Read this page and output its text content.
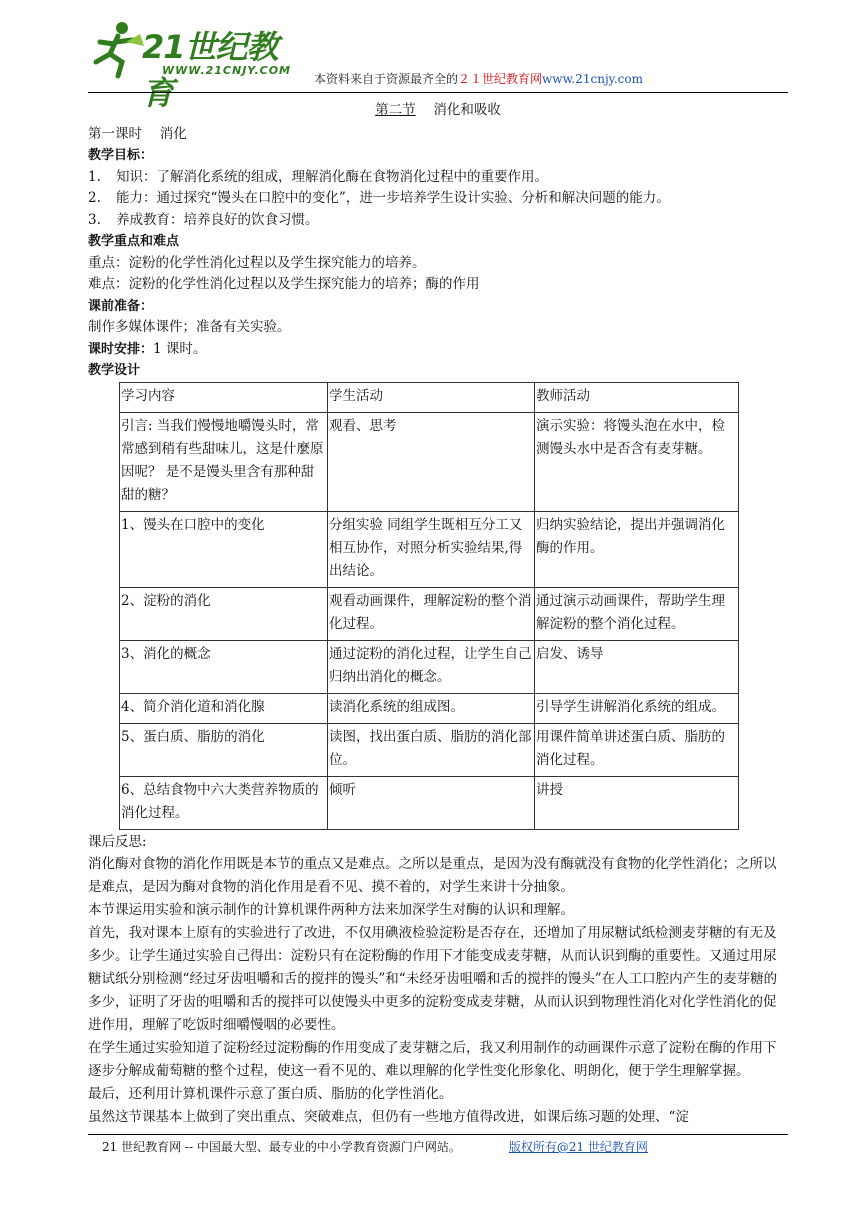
21世纪教育
WWW.21CNJY.COM
本资料来自于资源最齐全的２１世纪教育网www.21cnjy.com
第二节　 消化和吸收
第一课时　 消化
教学目标：
1.	知识：了解消化系统的组成，理解消化酶在食物消化过程中的重要作用。
2.	能力：通过探究“馒头在口腔中的变化”，进一步培养学生设计实验、分析和解决问题的能力。
3.	养成教育：培养良好的饮食习惯。
教学重点和难点
重点：淀粉的化学性消化过程以及学生探究能力的培养。
难点：淀粉的化学性消化过程以及学生探究能力的培养；酶的作用
课前准备：
制作多媒体课件；准备有关实验。
课时安排：1 课时。
教学设计
学习内容	学生活动	教师活动
引言: 当我们慢慢地嚼馒头时，常常感到稍有些甜味儿，这是什麼原因呢？ 是不是馒头里含有那种甜甜的糖？	观看、思考	演示实验：将馒头泡在水中，检测馒头水中是否含有麦芽糖。
1、馒头在口腔中的变化	分组实验 同组学生既相互分工又相互协作，对照分析实验结果,得出结论。	归纳实验结论，提出并强调消化酶的作用。
2、淀粉的消化	观看动画课件，理解淀粉的整个消化过程。	通过演示动画课件，帮助学生理解淀粉的整个消化过程。
3、消化的概念	通过淀粉的消化过程，让学生自己归纳出消化的概念。	启发、诱导
4、简介消化道和消化腺	读消化系统的组成图。	引导学生讲解消化系统的组成。
5、蛋白质、脂肪的消化	读图，找出蛋白质、脂肪的消化部位。	用课件简单讲述蛋白质、脂肪的消化过程。
6、总结食物中六大类营养物质的消化过程。	倾听	讲授
课后反思:
消化酶对食物的消化作用既是本节的重点又是难点。之所以是重点，是因为没有酶就没有食物的化学性消化；之所以是难点，是因为酶对食物的消化作用是看不见、摸不着的，对学生来讲十分抽象。
本节课运用实验和演示制作的计算机课件两种方法来加深学生对酶的认识和理解。
首先，我对课本上原有的实验进行了改进，不仅用碘液检验淀粉是否存在，还增加了用尿糖试纸检测麦芽糖的有无及多少。让学生通过实验自己得出：淀粉只有在淀粉酶的作用下才能变成麦芽糖，从而认识到酶的重要性。又通过用尿糖试纸分别检测“经过牙齿咀嚼和舌的搅拌的馒头”和“未经牙齿咀嚼和舌的搅拌的馒头”在人工口腔内产生的麦芽糖的多少，证明了牙齿的咀嚼和舌的搅拌可以使馒头中更多的淀粉变成麦芽糖，从而认识到物理性消化对化学性消化的促进作用，理解了吃饭时细嚼慢咽的必要性。
在学生通过实验知道了淀粉经过淀粉酶的作用变成了麦芽糖之后，我又利用制作的动画课件示意了淀粉在酶的作用下逐步分解成葡萄糖的整个过程，使这一看不见的、难以理解的化学性变化形象化、明朗化，便于学生理解掌握。
最后，还利用计算机课件示意了蛋白质、脂肪的化学性消化。
虽然这节课基本上做到了突出重点、突破难点，但仍有一些地方值得改进，如课后练习题的处理、“淀
21 世纪教育网 -- 中国最大型、最专业的中小学教育资源门户网站。	版权所有@21 世纪教育网
